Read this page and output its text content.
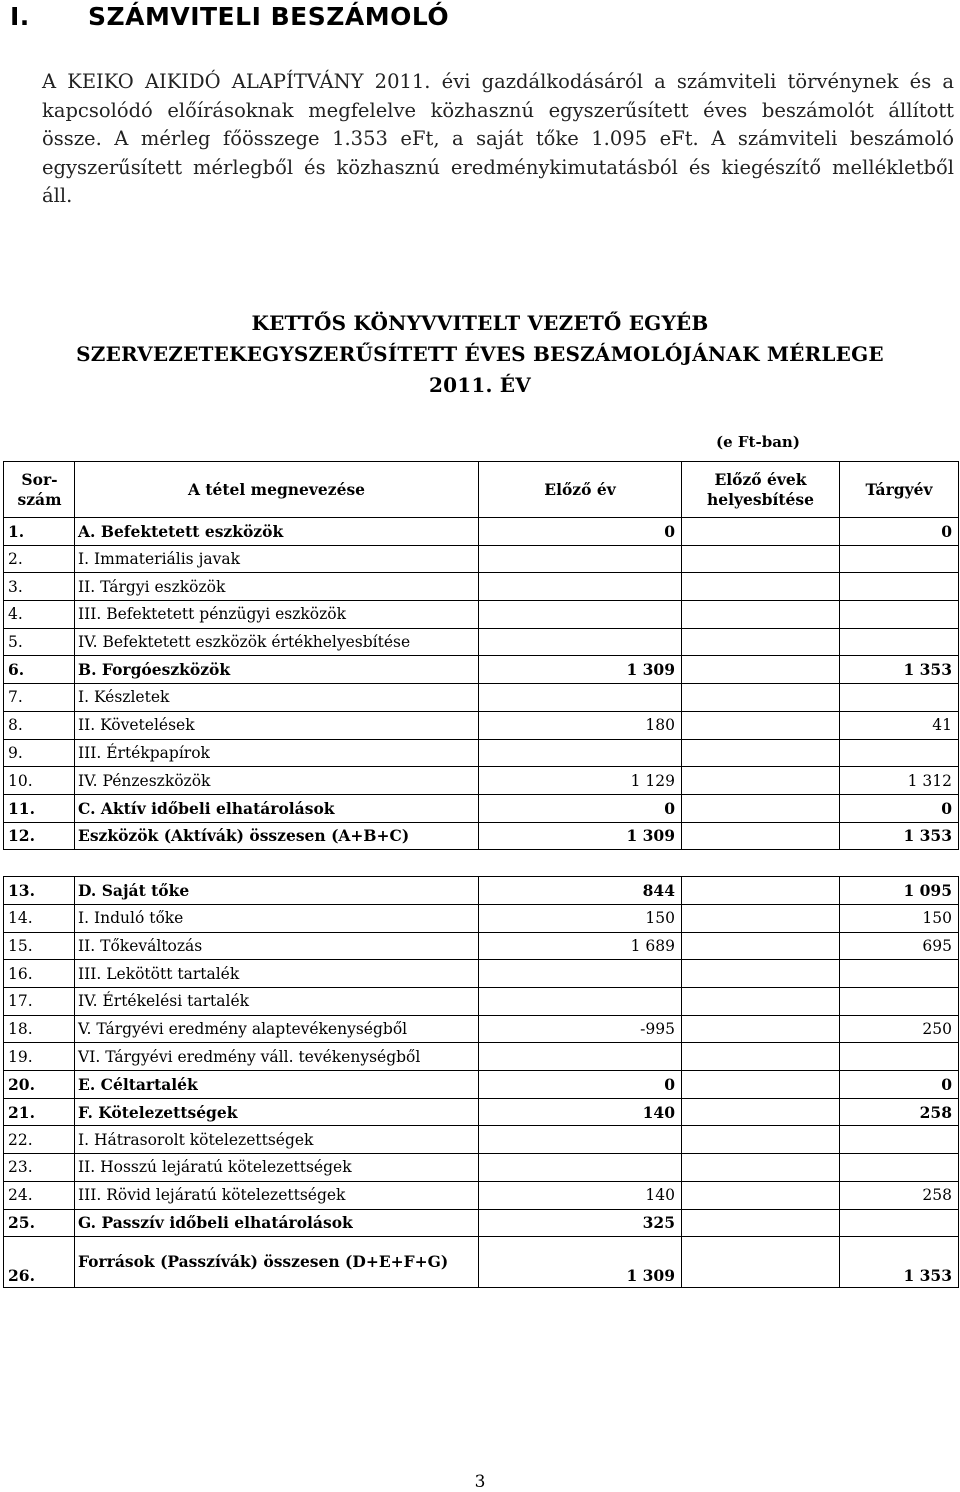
I. SZÁMVITELI BESZÁMOLÓ
A KEIKO AIKIDÓ ALAPÍTVÁNY 2011. évi gazdálkodásáról a számviteli törvénynek és a kapcsolódó előírásoknak megfelelve közhasznú egyszerűsített éves beszámolót állított össze. A mérleg főösszege 1.353 eFt, a saját tőke 1.095 eFt. A számviteli beszámoló egyszerűsített mérlegből és közhasznú eredménykimutatásból és kiegészítő mellékletből áll.
KETTŐS KÖNYVVITELT VEZETŐ EGYÉB
SZERVEZETEKEGYSZERŰSÍTETT ÉVES BESZÁMOLÓJÁNAK MÉRLEGE
2011. ÉV
(e Ft-ban)
Sor-szám	A tétel megnevezése	Előző év	Előző évek helyesbítése	Tárgyév
1.	A. Befektetett eszközök	0		0
2.	I. Immateriális javak			
3.	II. Tárgyi eszközök			
4.	III. Befektetett pénzügyi eszközök			
5.	IV. Befektetett eszközök értékhelyesbítése			
6.	B. Forgóeszközök	1 309		1 353
7.	I. Készletek			
8.	II. Követelések	180		41
9.	III. Értékpapírok			
10.	IV. Pénzeszközök	1 129		1 312
11.	C. Aktív időbeli elhatárolások	0		0
12.	Eszközök (Aktívák) összesen (A+B+C)	1 309		1 353

13.	D. Saját tőke	844		1 095
14.	I. Induló tőke	150		150
15.	II. Tőkeváltozás	1 689		695
16.	III. Lekötött tartalék			
17.	IV. Értékelési tartalék			
18.	V. Tárgyévi eredmény alaptevékenységből	-995		250
19.	VI. Tárgyévi eredmény váll. tevékenységből			
20.	E. Céltartalék	0		0
21.	F. Kötelezettségek	140		258
22.	I. Hátrasorolt kötelezettségek			
23.	II. Hosszú lejáratú kötelezettségek			
24.	III. Rövid lejáratú kötelezettségek	140		258
25.	G. Passzív időbeli elhatárolások	325		
26.	Források (Passzívák) összesen (D+E+F+G)	1 309		1 353
3
